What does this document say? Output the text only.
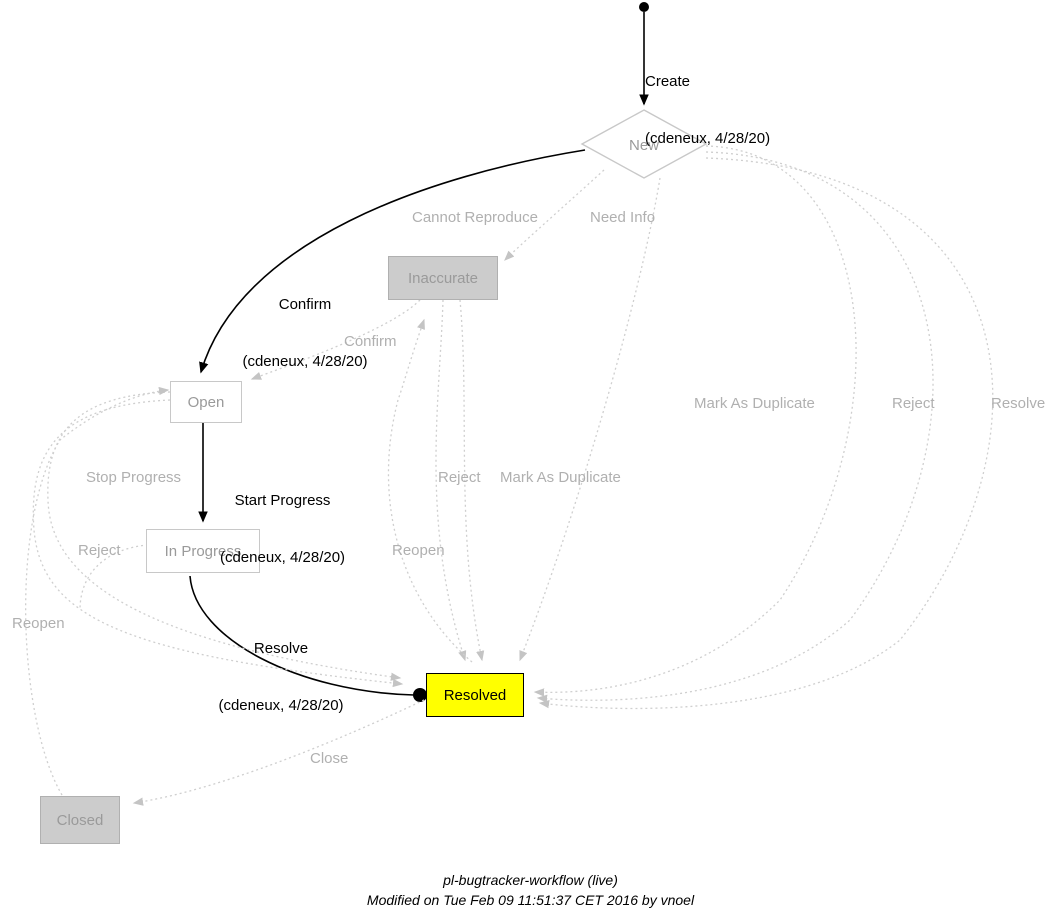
New
Inaccurate
Open
In Progress
Resolved
Closed

Create

(cdeneux, 4/28/20)

Confirm

(cdeneux, 4/28/20)

Start Progress

(cdeneux, 4/28/20)

Resolve

(cdeneux, 4/28/20)

Cannot Reproduce	Need Info
Confirm
Mark As Duplicate	Reject	Resolve
Stop Progress
Reject
Reopen
Reject Mark As Duplicate
Reopen
Close
pl-bugtracker-workflow (live)
Modified on Tue Feb 09 11:51:37 CET 2016 by vnoel
